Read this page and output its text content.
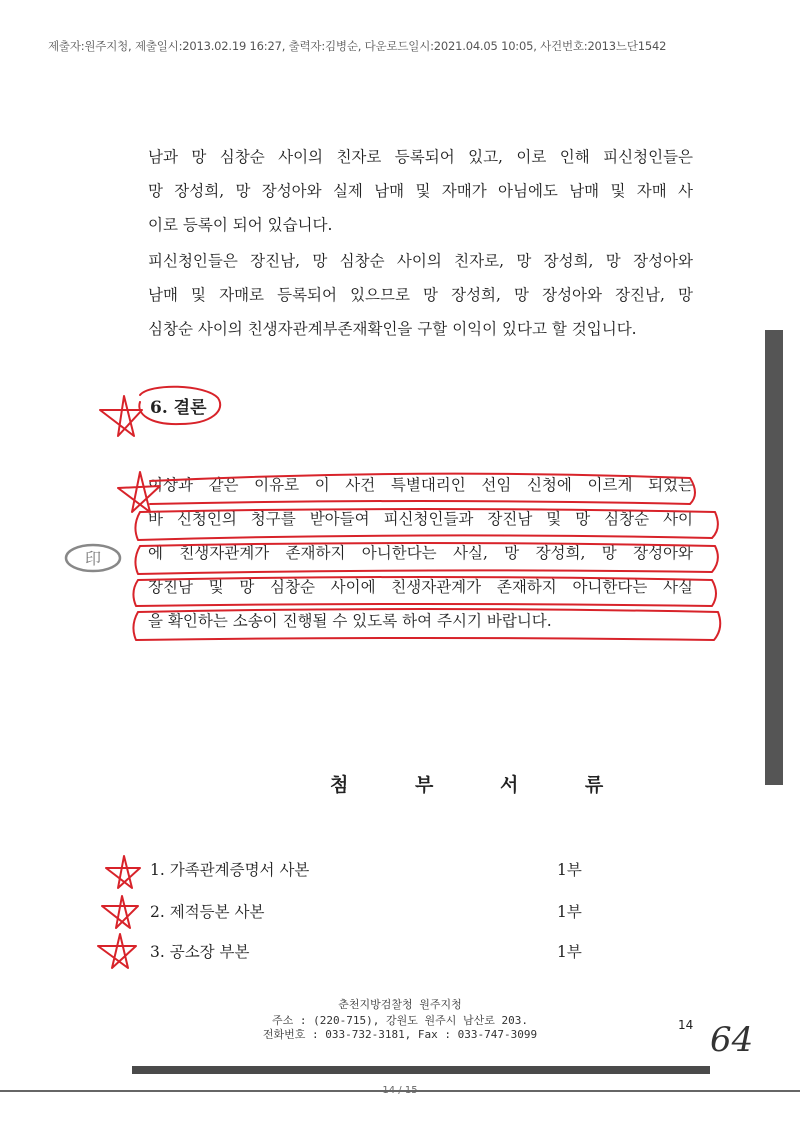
제출자:원주지청, 제출일시:2013.02.19 16:27, 출력자:김병순, 다운로드일시:2021.04.05 10:05, 사건번호:2013느단1542
남과 망 심창순 사이의 친자로 등록되어 있고, 이로 인해 피신청인들은
망 장성희, 망 장성아와 실제 남매 및 자매가 아님에도 남매 및 자매 사
이로 등록이 되어 있습니다.
피신청인들은 장진남, 망 심창순 사이의 친자로, 망 장성희, 망 장성아와
남매 및 자매로 등록되어 있으므로 망 장성희, 망 장성아와 장진남, 망
심창순 사이의 친생자관계부존재확인을 구할 이익이 있다고 할 것입니다.
6. 결론
이상과 같은 이유로 이 사건 특별대리인 선임 신청에 이르게 되었는
바 신청인의 청구를 받아들여 피신청인들과 장진남 및 망 심창순 사이
에 친생자관계가 존재하지 아니한다는 사실, 망 장성희, 망 장성아와
장진남 및 망 심창순 사이에 친생자관계가 존재하지 아니한다는 사실
을 확인하는 소송이 진행될 수 있도록 하여 주시기 바랍니다.
첨 부 서 류
1. 가족관계증명서 사본	1부
2. 제적등본 사본	1부
3. 공소장 부본	1부
춘천지방검찰청 원주지청
주소 : (220-715), 강원도 원주시 남산로 203.
전화번호 : 033-732-3181, Fax : 033-747-3099
14 64
14 / 15
印
